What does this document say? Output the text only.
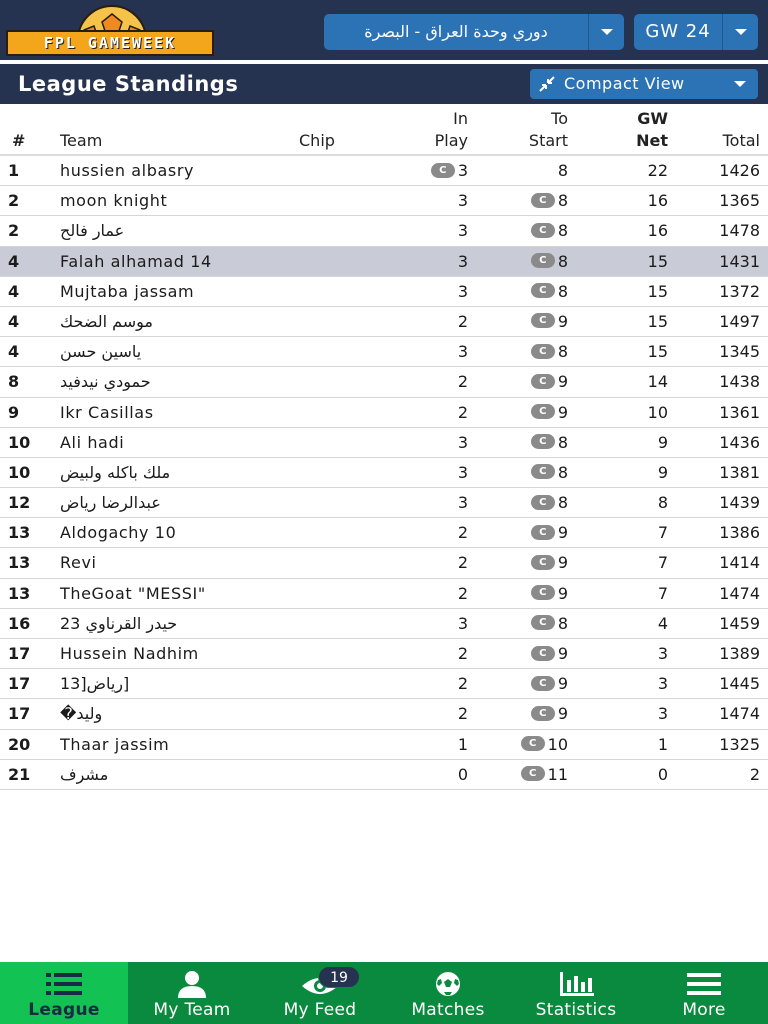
FPL GAMEWEEK
دوري وحدة العراق - البصرة	GW 24
League Standings	Compact View
# Team	Chip
In
Play
To
Start
GW
Net	Total
1	hussien albasry	C 3	8	22	1426
2	moon knight	3	C 8	16	1365
2	عمار فالح	3	C 8	16	1478
4	Falah alhamad 14	3	C 8	15	1431
4	Mujtaba jassam	3	C 8	15	1372
4	موسم الضحك	2	C 9	15	1497
4	ياسين حسن	3	C 8	15	1345
8	حمودي نيدفيد	2	C 9	14	1438
9	Ikr Casillas	2	C 9	10	1361
10 Ali hadi	3	C 8	9	1436
10 ملك باكله ولبيض	3	C 8	9	1381
12 عبدالرضا رياض	3	C 8	8	1439
13 Aldogachy 10	2	C 9	7	1386
13 Revi	2	C 9	7	1414
13 TheGoat "MESSI"	2	C 9	7	1474
16 حيدر القرناوي 23	3	C 8	4	1459
17 Hussein Nadhim	2	C 9	3	1389
17 [رياض[13	2	C 9	3	1445
17 وليد�	2	C 9	3	1474
20 Thaar jassim	1	C 10	1	1325
21 مشرف	0	C 11	0	2
League	My Team	My Feed	Matches	Statistics	More
19
